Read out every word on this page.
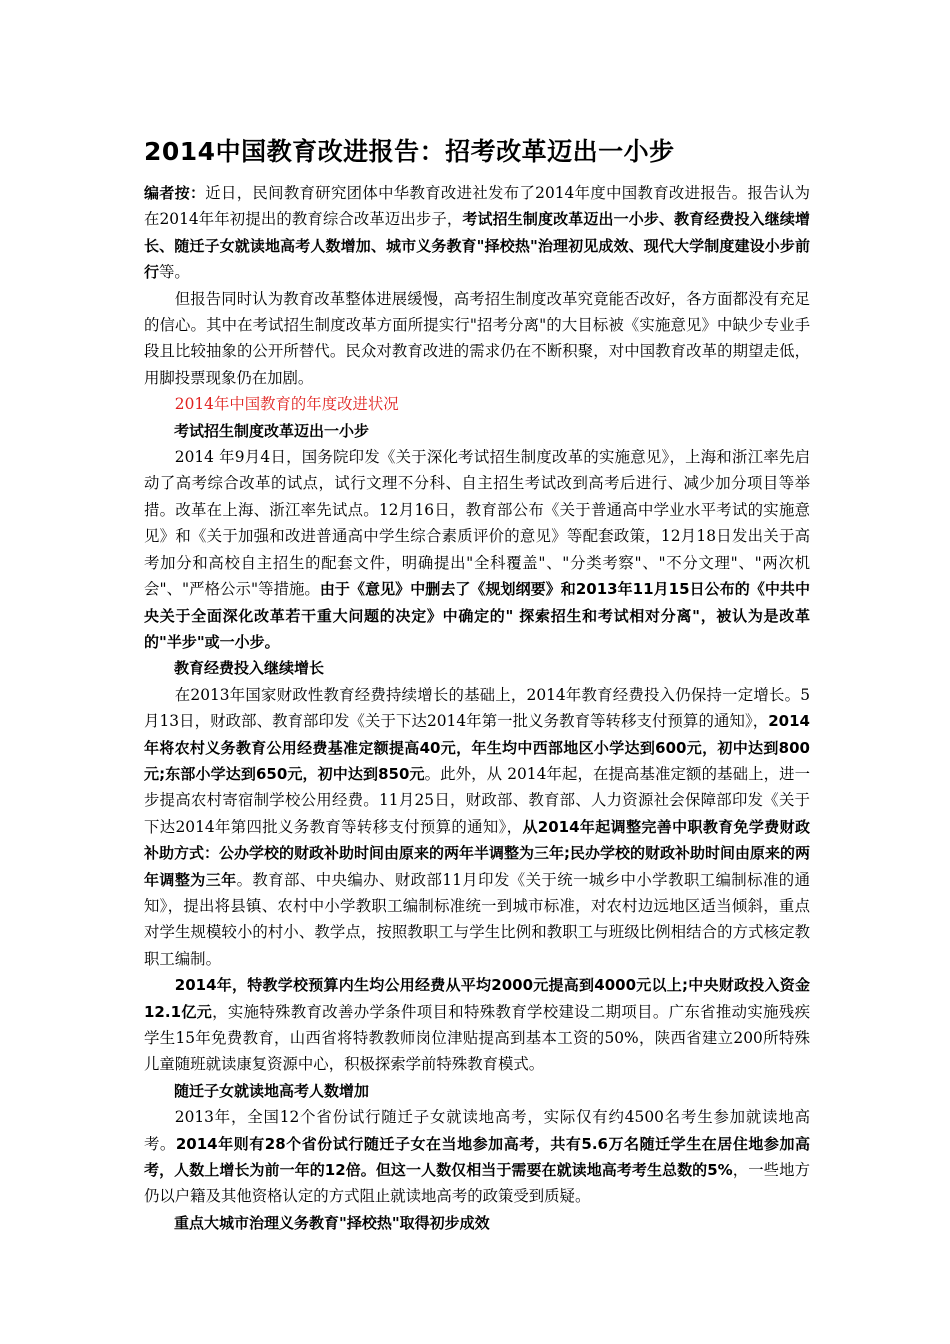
2014中国教育改进报告：招考改革迈出一小步

编者按：近日，民间教育研究团体中华教育改进社发布了2014年度中国教育改进报告。报告认为在2014年年初提出的教育综合改革迈出步子，考试招生制度改革迈出一小步、教育经费投入继续增长、随迁子女就读地高考人数增加、城市义务教育"择校热"治理初见成效、现代大学制度建设小步前行等。

但报告同时认为教育改革整体进展缓慢，高考招生制度改革究竟能否改好，各方面都没有充足的信心。其中在考试招生制度改革方面所提实行"招考分离"的大目标被《实施意见》中缺少专业手段且比较抽象的公开所替代。民众对教育改进的需求仍在不断积聚，对中国教育改革的期望走低，用脚投票现象仍在加剧。

2014年中国教育的年度改进状况
考试招生制度改革迈出一小步

2014 年9月4日，国务院印发《关于深化考试招生制度改革的实施意见》，上海和浙江率先启动了高考综合改革的试点，试行文理不分科、自主招生考试改到高考后进行、减少加分项目等举措。改革在上海、浙江率先试点。12月16日，教育部公布《关于普通高中学业水平考试的实施意见》和《关于加强和改进普通高中学生综合素质评价的意见》等配套政策，12月18日发出关于高考加分和高校自主招生的配套文件，明确提出"全科覆盖"、"分类考察"、"不分文理"、"两次机会"、"严格公示"等措施。由于《意见》中删去了《规划纲要》和2013年11月15日公布的《中共中央关于全面深化改革若干重大问题的决定》中确定的" 探索招生和考试相对分离"，被认为是改革的"半步"或一小步。

教育经费投入继续增长

在2013年国家财政性教育经费持续增长的基础上，2014年教育经费投入仍保持一定增长。5月13日，财政部、教育部印发《关于下达2014年第一批义务教育等转移支付预算的通知》，2014年将农村义务教育公用经费基准定额提高40元，年生均中西部地区小学达到600元，初中达到800元;东部小学达到650元，初中达到850元。此外，从 2014年起，在提高基准定额的基础上，进一步提高农村寄宿制学校公用经费。11月25日，财政部、教育部、人力资源社会保障部印发《关于下达2014年第四批义务教育等转移支付预算的通知》，从2014年起调整完善中职教育免学费财政补助方式：公办学校的财政补助时间由原来的两年半调整为三年;民办学校的财政补助时间由原来的两年调整为三年。教育部、中央编办、财政部11月印发《关于统一城乡中小学教职工编制标准的通知》，提出将县镇、农村中小学教职工编制标准统一到城市标准，对农村边远地区适当倾斜，重点对学生规模较小的村小、教学点，按照教职工与学生比例和教职工与班级比例相结合的方式核定教职工编制。

2014年，特教学校预算内生均公用经费从平均2000元提高到4000元以上;中央财政投入资金12.1亿元，实施特殊教育改善办学条件项目和特殊教育学校建设二期项目。广东省推动实施残疾学生15年免费教育，山西省将特教教师岗位津贴提高到基本工资的50%，陕西省建立200所特殊儿童随班就读康复资源中心，积极探索学前特殊教育模式。

随迁子女就读地高考人数增加

2013年，全国12个省份试行随迁子女就读地高考，实际仅有约4500名考生参加就读地高考。2014年则有28个省份试行随迁子女在当地参加高考，共有5.6万名随迁学生在居住地参加高考，人数上增长为前一年的12倍。但这一人数仅相当于需要在就读地高考考生总数的5%，一些地方仍以户籍及其他资格认定的方式阻止就读地高考的政策受到质疑。

重点大城市治理义务教育"择校热"取得初步成效
